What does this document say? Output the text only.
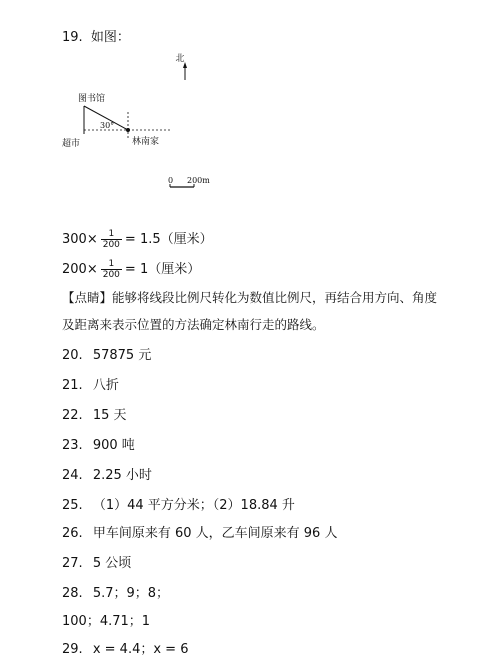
19. 如图：
北
图书馆
30°
超市	林南家
0 200m
$300\times \frac{1}{200} = 1.5$（厘米）
$200\times \frac{1}{200} = 1$（厘米）
【点睛】能够将线段比例尺转化为数值比例尺，再结合用方向、角度
及距离来表示位置的方法确定林南行走的路线。
20. 57875 元
21. 八折
22. 15 天
23. 900 吨
24. 2.25 小时
25. （1）44 平方分米；（2）18.84 升
26. 甲车间原来有 60 人，乙车间原来有 96 人
27. 5 公顷
28. 5.7；9；8；
100；4.71；1
29. x = 4.4；x = 6
